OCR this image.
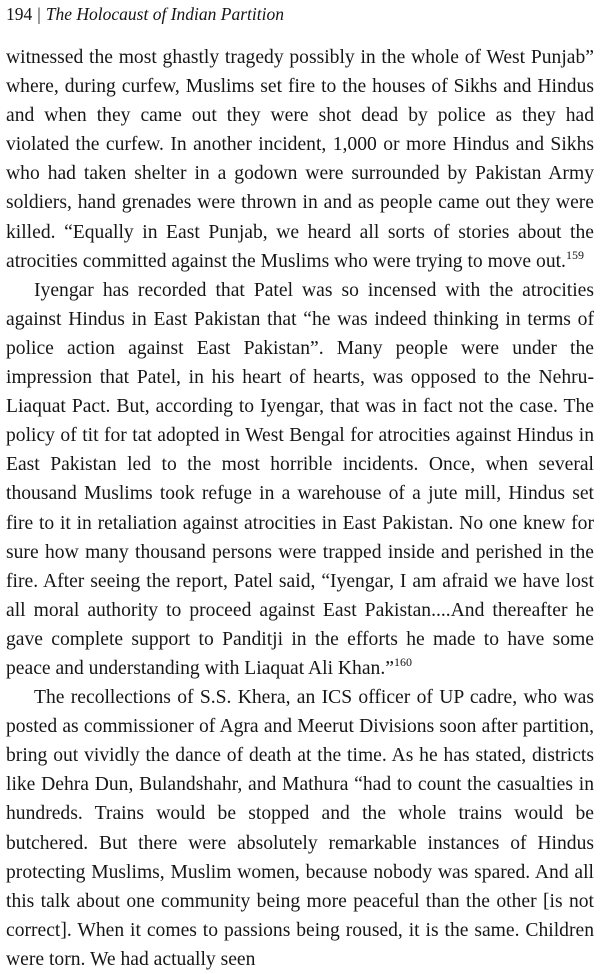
194 | The Holocaust of Indian Partition

witnessed the most ghastly tragedy possibly in the whole of West Punjab” where, during curfew, Muslims set fire to the houses of Sikhs and Hindus and when they came out they were shot dead by police as they had violated the curfew. In another incident, 1,000 or more Hindus and Sikhs who had taken shelter in a godown were surrounded by Pakistan Army soldiers, hand grenades were thrown in and as people came out they were killed. “Equally in East Punjab, we heard all sorts of stories about the atrocities committed against the Muslims who were trying to move out.$^{159}$

Iyengar has recorded that Patel was so incensed with the atrocities against Hindus in East Pakistan that “he was indeed thinking in terms of police action against East Pakistan”. Many people were under the impression that Patel, in his heart of hearts, was opposed to the Nehru-Liaquat Pact. But, according to Iyengar, that was in fact not the case. The policy of tit for tat adopted in West Bengal for atrocities against Hindus in East Pakistan led to the most horrible incidents. Once, when several thousand Muslims took refuge in a warehouse of a jute mill, Hindus set fire to it in retaliation against atrocities in East Pakistan. No one knew for sure how many thousand persons were trapped inside and perished in the fire. After seeing the report, Patel said, “Iyengar, I am afraid we have lost all moral authority to proceed against East Pakistan....And thereafter he gave complete support to Panditji in the efforts he made to have some peace and understanding with Liaquat Ali Khan.”$^{160}$

The recollections of S.S. Khera, an ICS officer of UP cadre, who was posted as commissioner of Agra and Meerut Divisions soon after partition, bring out vividly the dance of death at the time. As he has stated, districts like Dehra Dun, Bulandshahr, and Mathura “had to count the casualties in hundreds. Trains would be stopped and the whole trains would be butchered. But there were absolutely remarkable instances of Hindus protecting Muslims, Muslim women, because nobody was spared. And all this talk about one community being more peaceful than the other [is not correct]. When it comes to passions being roused, it is the same. Children were torn. We had actually seen
